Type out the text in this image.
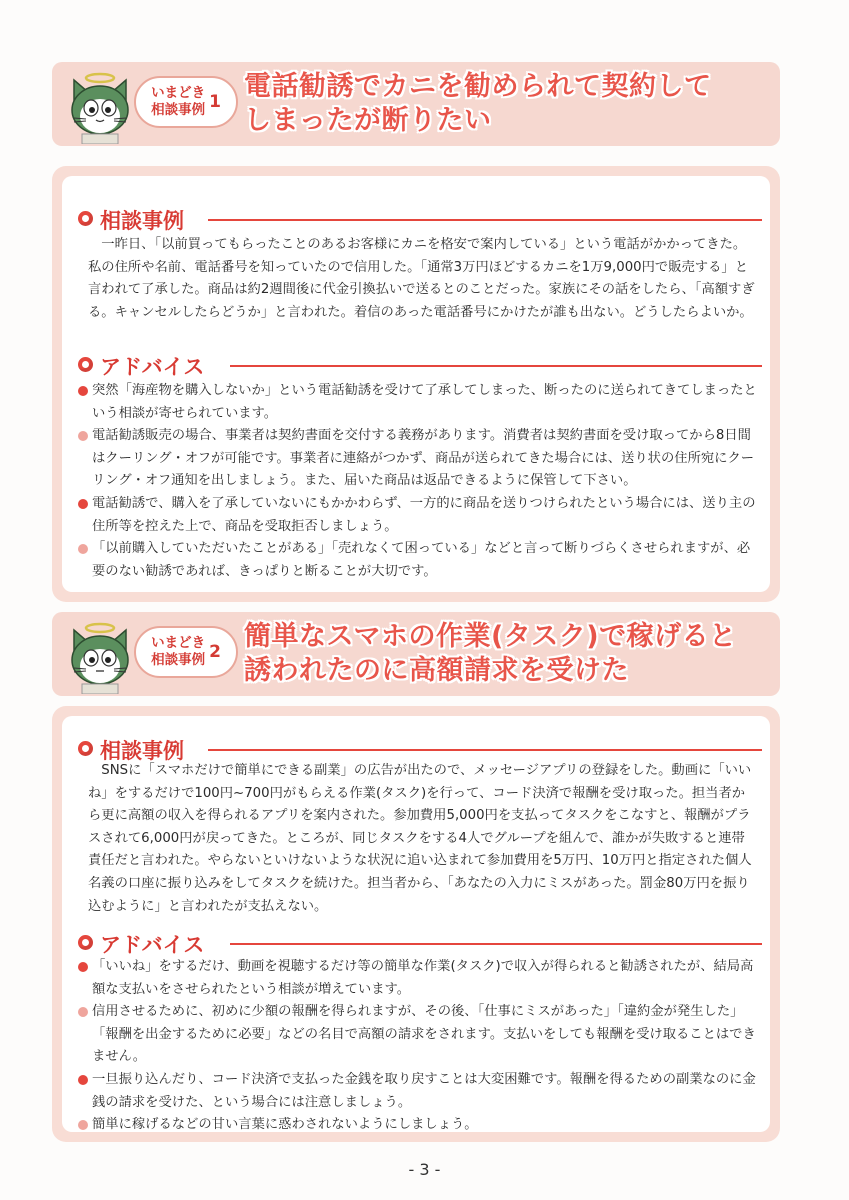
いまどき
相談事例 1 電話勧誘でカニを勧められて契約して
しまったが断りたい
相談事例
一昨日、「以前買ってもらったことのあるお客様にカニを格安で案内している」という電話がかかってきた。私の住所や名前、電話番号を知っていたので信用した。「通常3万円ほどするカニを1万9,000円で販売する」と言われて了承した。商品は約2週間後に代金引換払いで送るとのことだった。家族にその話をしたら、「高額すぎる。キャンセルしたらどうか」と言われた。着信のあった電話番号にかけたが誰も出ない。どうしたらよいか。
アドバイス
突然「海産物を購入しないか」という電話勧誘を受けて了承してしまった、断ったのに送られてきてしまったという相談が寄せられています。
電話勧誘販売の場合、事業者は契約書面を交付する義務があります。消費者は契約書面を受け取ってから8日間はクーリング・オフが可能です。事業者に連絡がつかず、商品が送られてきた場合には、送り状の住所宛にクーリング・オフ通知を出しましょう。また、届いた商品は返品できるように保管して下さい。
電話勧誘で、購入を了承していないにもかかわらず、一方的に商品を送りつけられたという場合には、送り主の住所等を控えた上で、商品を受取拒否しましょう。
「以前購入していただいたことがある」「売れなくて困っている」などと言って断りづらくさせられますが、必要のない勧誘であれば、きっぱりと断ることが大切です。
いまどき
相談事例 2 簡単なスマホの作業(タスク)で稼げると
誘われたのに高額請求を受けた
相談事例
SNSに「スマホだけで簡単にできる副業」の広告が出たので、メッセージアプリの登録をした。動画に「いいね」をするだけで100円~700円がもらえる作業(タスク)を行って、コード決済で報酬を受け取った。担当者から更に高額の収入を得られるアプリを案内された。参加費用5,000円を支払ってタスクをこなすと、報酬がプラスされて6,000円が戻ってきた。ところが、同じタスクをする4人でグループを組んで、誰かが失敗すると連帯責任だと言われた。やらないといけないような状況に追い込まれて参加費用を5万円、10万円と指定された個人名義の口座に振り込みをしてタスクを続けた。担当者から、「あなたの入力にミスがあった。罰金80万円を振り込むように」と言われたが支払えない。
アドバイス
「いいね」をするだけ、動画を視聴するだけ等の簡単な作業(タスク)で収入が得られると勧誘されたが、結局高額な支払いをさせられたという相談が増えています。
信用させるために、初めに少額の報酬を得られますが、その後、「仕事にミスがあった」「違約金が発生した」「報酬を出金するために必要」などの名目で高額の請求をされます。支払いをしても報酬を受け取ることはできません。
一旦振り込んだり、コード決済で支払った金銭を取り戻すことは大変困難です。報酬を得るための副業なのに金銭の請求を受けた、という場合には注意しましょう。
簡単に稼げるなどの甘い言葉に惑わされないようにしましょう。
- 3 -
